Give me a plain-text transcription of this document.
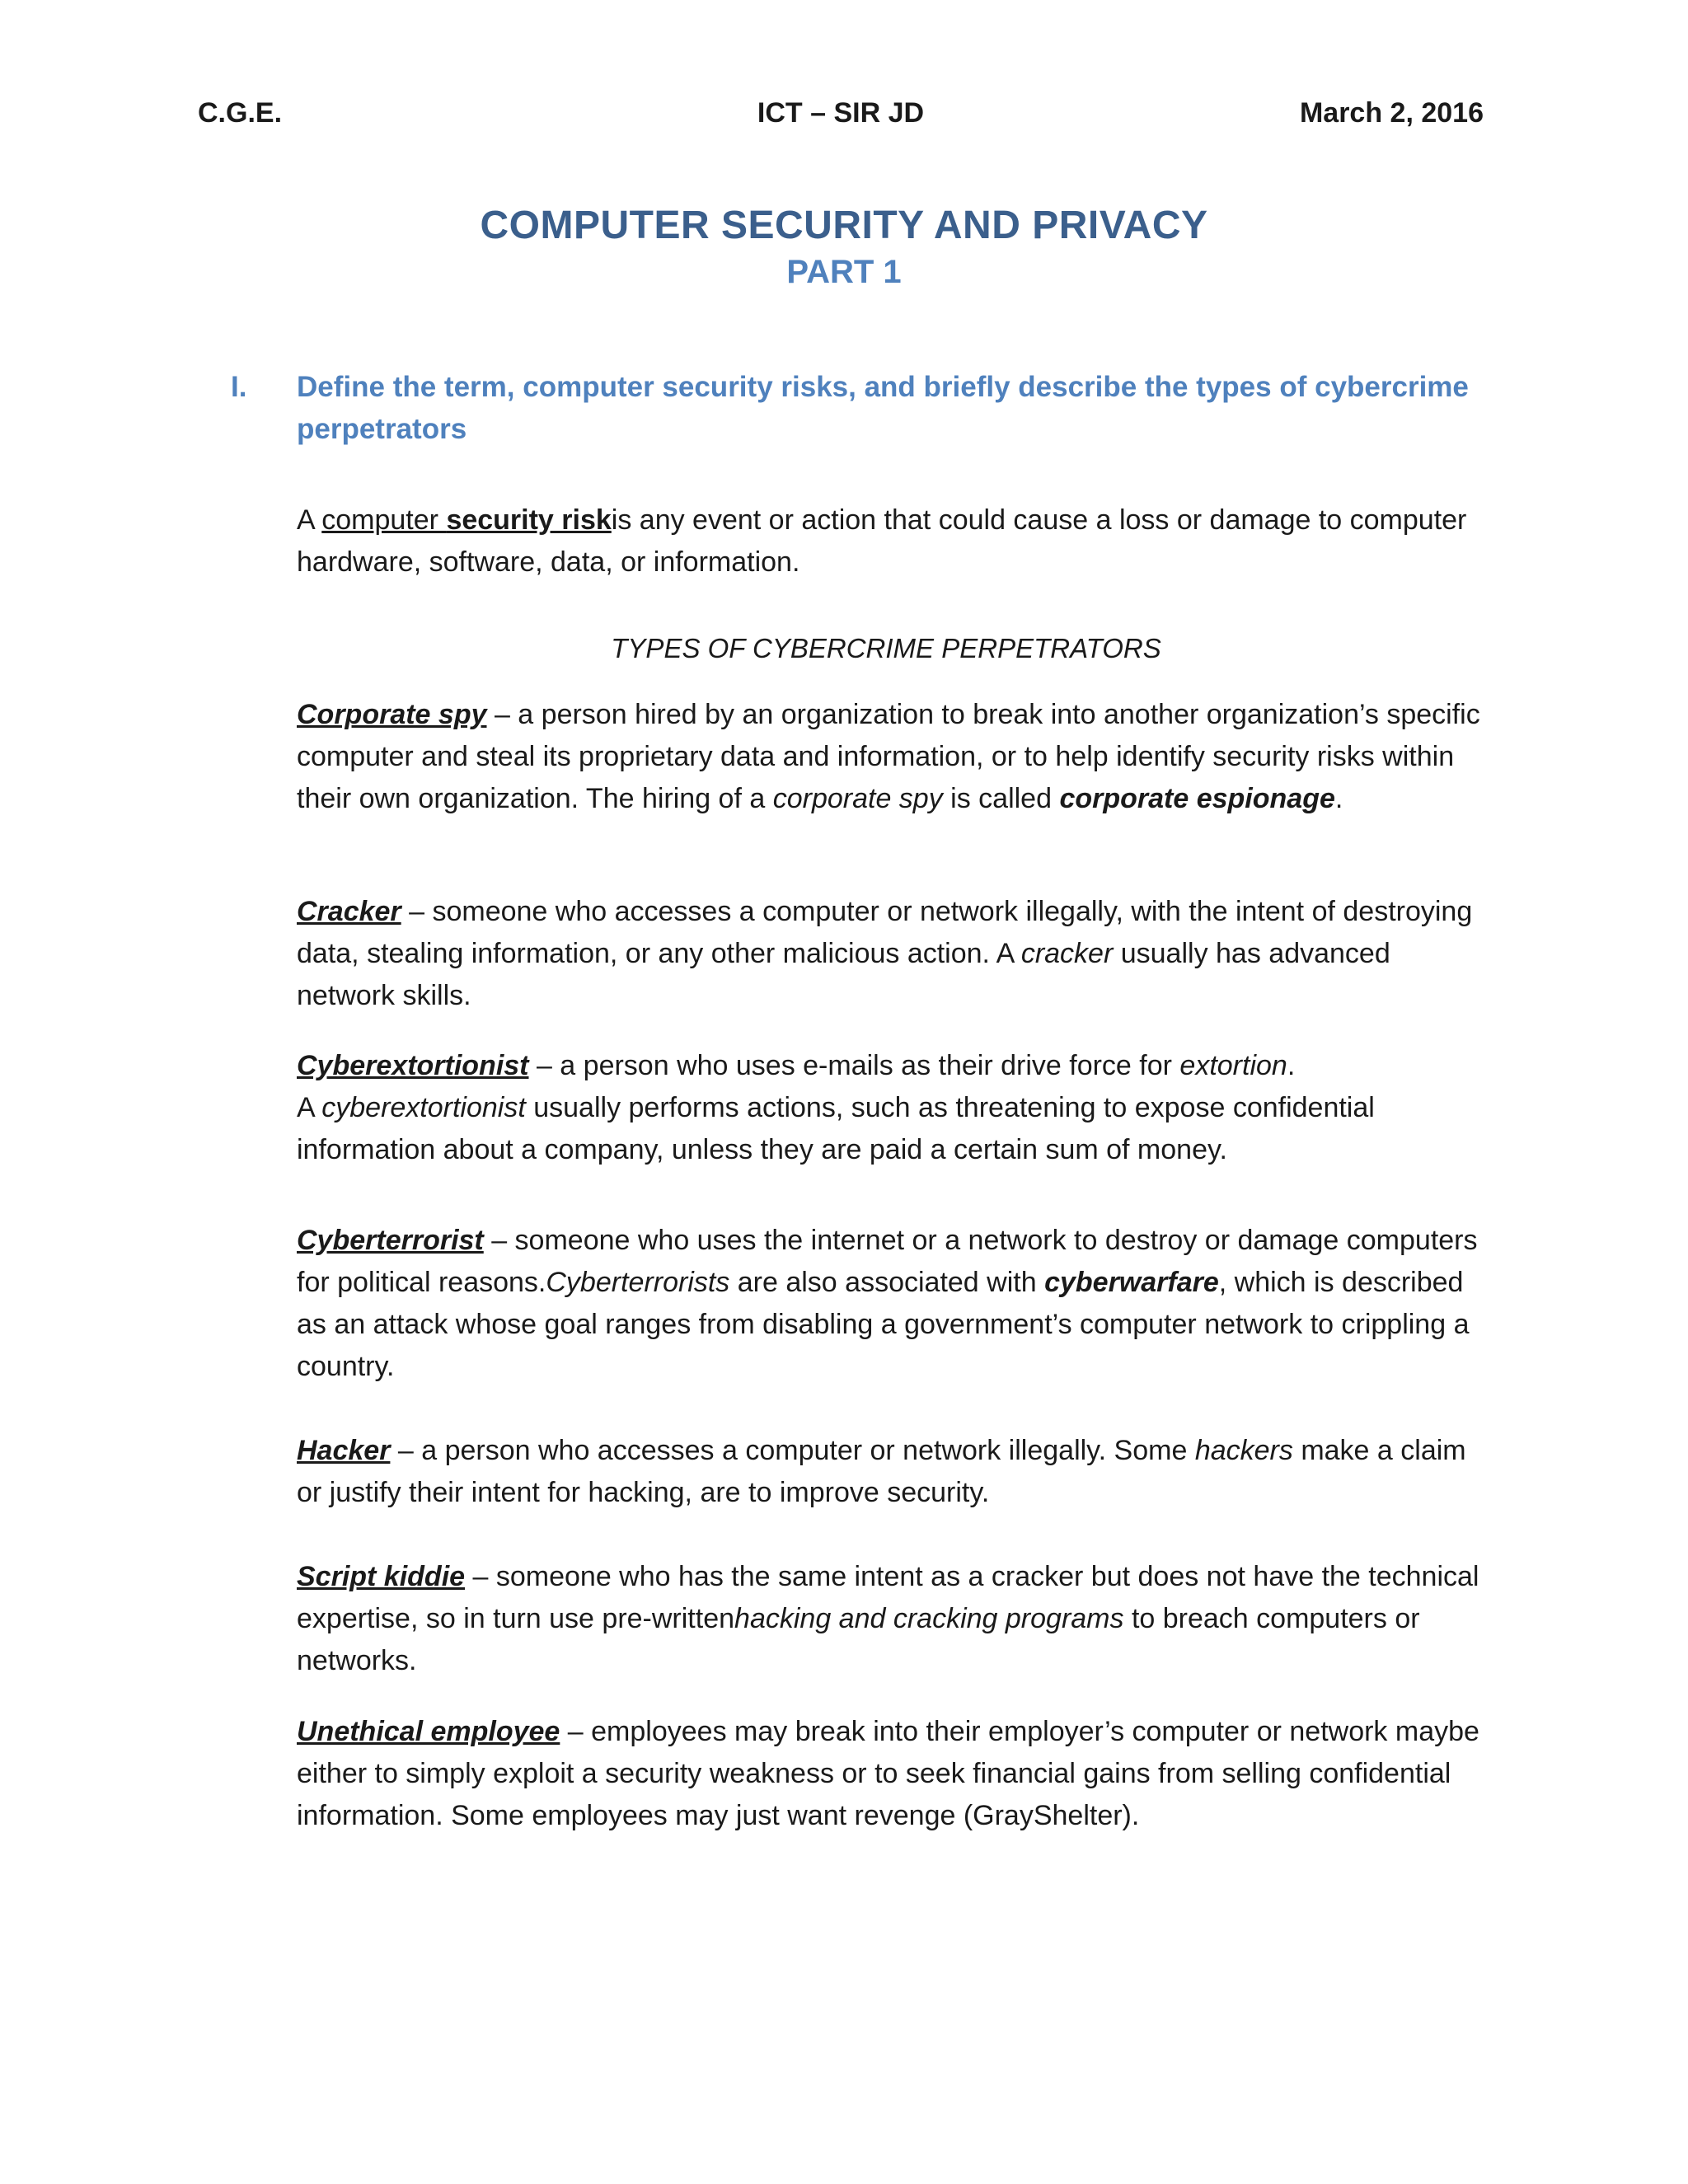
C.G.E.	ICT – SIR JD	March 2, 2016
COMPUTER SECURITY AND PRIVACY
PART 1
I. Define the term, computer security risks, and briefly describe the types of cybercrime perpetrators

A computer security riskis any event or action that could cause a loss or damage to computer hardware, software, data, or information.

TYPES OF CYBERCRIME PERPETRATORS

Corporate spy – a person hired by an organization to break into another organization’s specific computer and steal its proprietary data and information, or to help identify security risks within their own organization. The hiring of a corporate spy is called corporate espionage.

Cracker – someone who accesses a computer or network illegally, with the intent of destroying data, stealing information, or any other malicious action. A cracker usually has advanced network skills.

Cyberextortionist – a person who uses e-mails as their drive force for extortion.
A cyberextortionist usually performs actions, such as threatening to expose confidential information about a company, unless they are paid a certain sum of money.

Cyberterrorist – someone who uses the internet or a network to destroy or damage computers for political reasons.Cyberterrorists are also associated with cyberwarfare, which is described as an attack whose goal ranges from disabling a government’s computer network to crippling a country.

Hacker – a person who accesses a computer or network illegally. Some hackers make a claim or justify their intent for hacking, are to improve security.

Script kiddie – someone who has the same intent as a cracker but does not have the technical expertise, so in turn use pre-writtenhacking and cracking programs to breach computers or networks.

Unethical employee – employees may break into their employer’s computer or network maybe either to simply exploit a security weakness or to seek financial gains from selling confidential information. Some employees may just want revenge (GrayShelter).
